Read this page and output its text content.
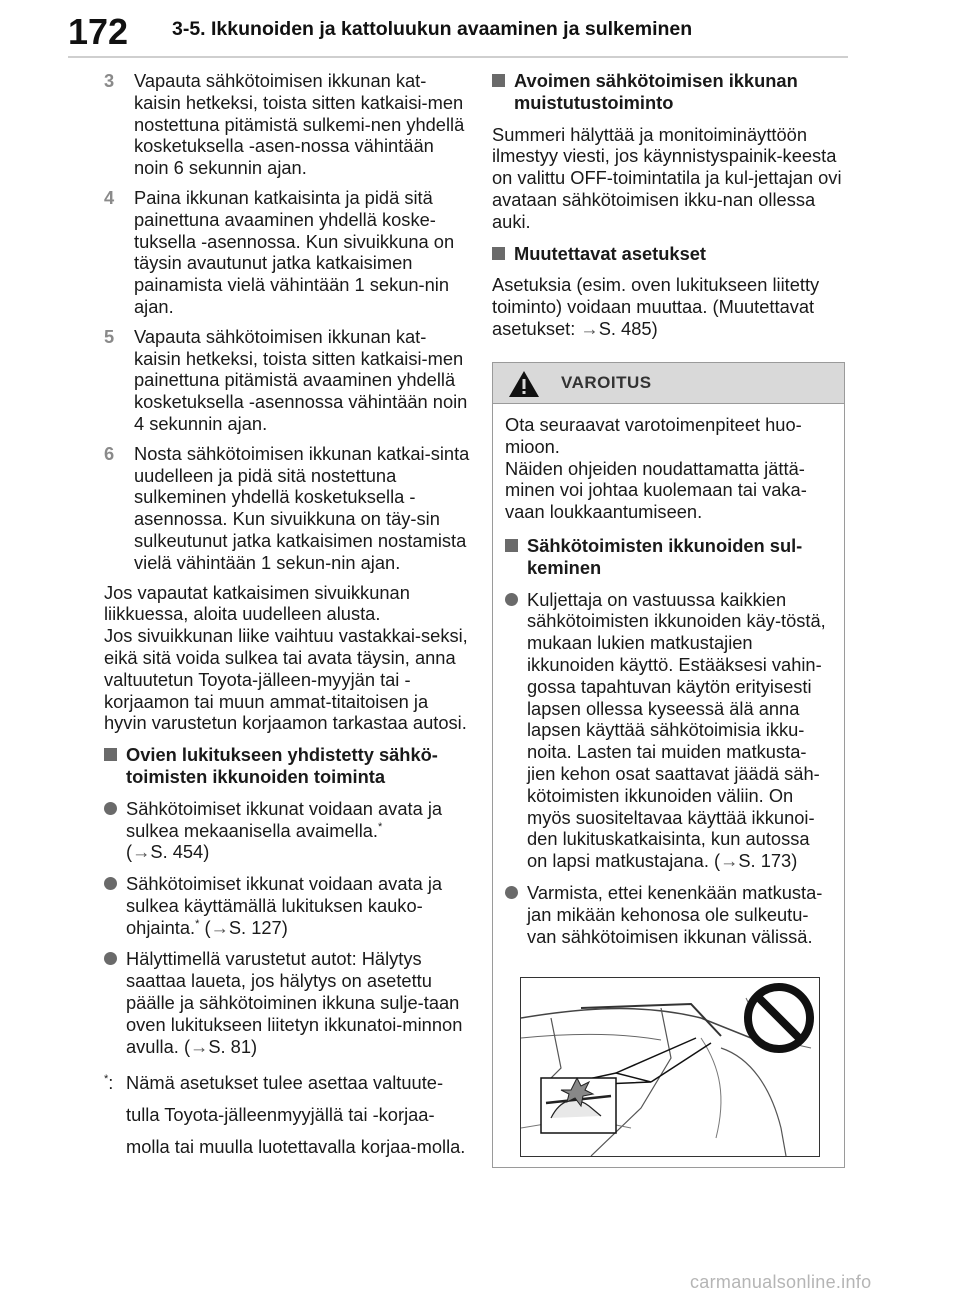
172	3-5. Ikkunoiden ja kattoluukun avaaminen ja sulkeminen
3 Vapauta sähkötoimisen ikkunan kat-kaisin hetkeksi, toista sitten katkaisi-men nostettuna pitämistä sulkemi-nen yhdellä kosketuksella -asen-nossa vähintään noin 6 sekunnin ajan.
4 Paina ikkunan katkaisinta ja pidä sitä painettuna avaaminen yhdellä koske-tuksella -asennossa. Kun sivuikkuna on täysin avautunut jatka katkaisimen painamista vielä vähintään 1 sekun-nin ajan.
5 Vapauta sähkötoimisen ikkunan kat-kaisin hetkeksi, toista sitten katkaisi-men painettuna pitämistä avaaminen yhdellä kosketuksella -asennossa vähintään noin 4 sekunnin ajan.
6 Nosta sähkötoimisen ikkunan katkai-sinta uudelleen ja pidä sitä nostettuna sulkeminen yhdellä kosketuksella -asennossa. Kun sivuikkuna on täy-sin sulkeutunut jatka katkaisimen nostamista vielä vähintään 1 sekun-nin ajan.
Jos vapautat katkaisimen sivuikkunan liikkuessa, aloita uudelleen alusta.
Jos sivuikkunan liike vaihtuu vastakkai-seksi, eikä sitä voida sulkea tai avata täysin, anna valtuutetun Toyota-jälleen-myyjän tai -korjaamon tai muun ammat-titaitoisen ja hyvin varustetun korjaamon tarkastaa autosi.
Ovien lukitukseen yhdistetty sähkö-toimisten ikkunoiden toiminta
Sähkötoimiset ikkunat voidaan avata ja sulkea mekaanisella avaimella.*
(→S. 454)
Sähkötoimiset ikkunat voidaan avata ja sulkea käyttämällä lukituksen kauko-ohjainta.* (→S. 127)
Hälyttimellä varustetut autot: Hälytys saattaa laueta, jos hälytys on asetettu päälle ja sähkötoiminen ikkuna sulje-taan oven lukitukseen liitetyn ikkunatoi-minnon avulla. (→S. 81)
*: Nämä asetukset tulee asettaa valtuute-tulla Toyota-jälleenmyyjällä tai -korjaa-molla tai muulla luotettavalla korjaa-molla.
Avoimen sähkötoimisen ikkunan muistutustoiminto
Summeri hälyttää ja monitoiminäyttöön ilmestyy viesti, jos käynnistyspainik-keesta on valittu OFF-toimintatila ja kul-jettajan ovi avataan sähkötoimisen ikku-nan ollessa auki.
Muutettavat asetukset
Asetuksia (esim. oven lukitukseen liitetty toiminto) voidaan muuttaa. (Muutettavat asetukset: →S. 485)
VAROITUS
Ota seuraavat varotoimenpiteet huo-mioon.
Näiden ohjeiden noudattamatta jättä-minen voi johtaa kuolemaan tai vaka-vaan loukkaantumiseen.
Sähkötoimisten ikkunoiden sul-keminen
Kuljettaja on vastuussa kaikkien sähkötoimisten ikkunoiden käy-töstä, mukaan lukien matkustajien ikkunoiden käyttö. Estääksesi vahin-gossa tapahtuvan käytön erityisesti lapsen ollessa kyseessä älä anna lapsen käyttää sähkötoimisia ikku-noita. Lasten tai muiden matkusta-jien kehon osat saattavat jäädä säh-kötoimisten ikkunoiden väliin. On myös suositeltavaa käyttää ikkunoi-den lukituskatkaisinta, kun autossa on lapsi matkustajana. (→S. 173)
Varmista, ettei kenenkään matkusta-jan mikään kehonosa ole sulkeutu-van sähkötoimisen ikkunan välissä.
carmanualsonline.info
